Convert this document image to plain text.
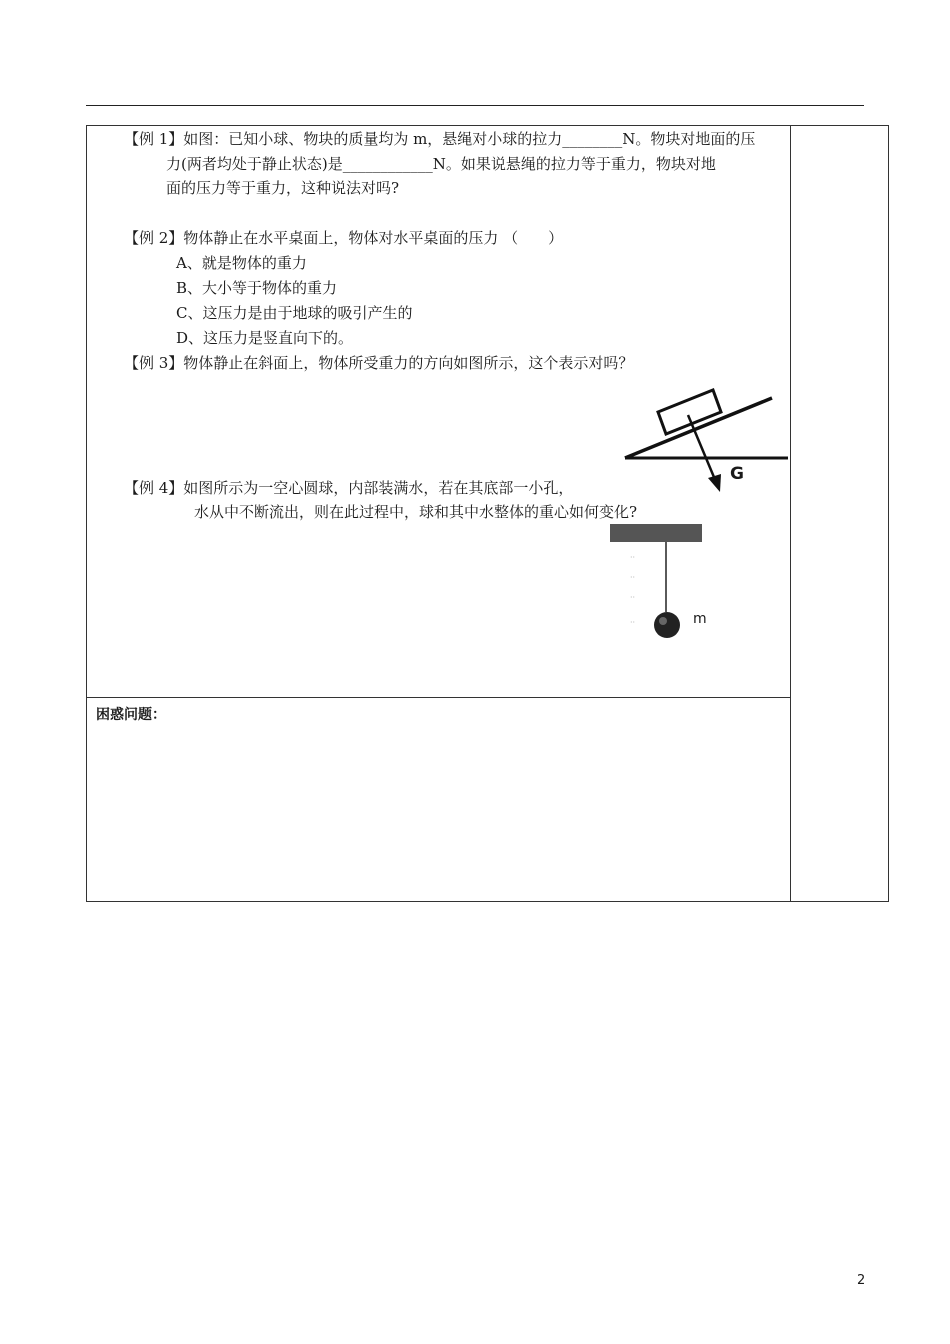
【例 1】如图：已知小球、物块的质量均为 m，悬绳对小球的拉力________N。物块对地面的压
力(两者均处于静止状态)是____________N。如果说悬绳的拉力等于重力，物块对地
面的压力等于重力，这种说法对吗?
【例 2】物体静止在水平桌面上，物体对水平桌面的压力 （　　）
A、就是物体的重力
B、大小等于物体的重力
C、这压力是由于地球的吸引产生的
D、这压力是竖直向下的。
【例 3】物体静止在斜面上，物体所受重力的方向如图所示，这个表示对吗？
G
【例 4】如图所示为一空心圆球，内部装满水，若在其底部一小孔，
水从中不断流出，则在此过程中，球和其中水整体的重心如何变化?
··
··
··
··	m
困惑问题：
2
